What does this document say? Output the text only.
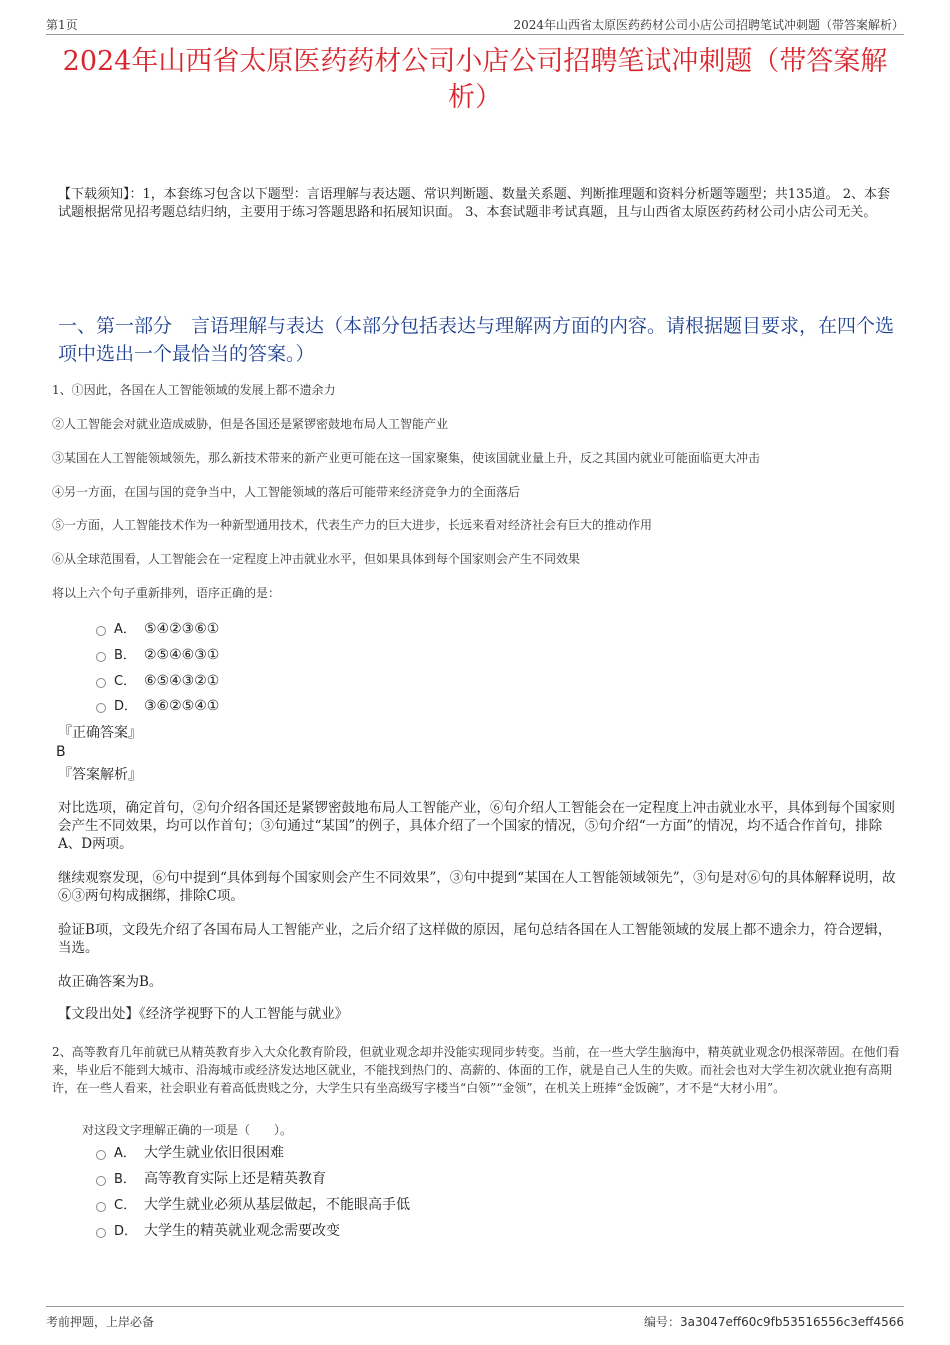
第1页	2024年山西省太原医药药材公司小店公司招聘笔试冲刺题（带答案解析）
2024年山西省太原医药药材公司小店公司招聘笔试冲刺题（带答案解析）

【下载须知】：1，本套练习包含以下题型：言语理解与表达题、常识判断题、数量关系题、判断推理题和资料分析题等题型；共135道。 2、本套试题根据常见招考题总结归纳，主要用于练习答题思路和拓展知识面。 3、本套试题非考试真题，且与山西省太原医药药材公司小店公司无关。

一、第一部分　言语理解与表达（本部分包括表达与理解两方面的内容。请根据题目要求，在四个选项中选出一个最恰当的答案。）

1、①因此，各国在人工智能领域的发展上都不遗余力

②人工智能会对就业造成威胁，但是各国还是紧锣密鼓地布局人工智能产业

③某国在人工智能领域领先，那么新技术带来的新产业更可能在这一国家聚集，使该国就业量上升，反之其国内就业可能面临更大冲击

④另一方面，在国与国的竞争当中，人工智能领域的落后可能带来经济竞争力的全面落后

⑤一方面，人工智能技术作为一种新型通用技术，代表生产力的巨大进步，长远来看对经济社会有巨大的推动作用

⑥从全球范围看，人工智能会在一定程度上冲击就业水平，但如果具体到每个国家则会产生不同效果

将以上六个句子重新排列，语序正确的是：

A． ⑤④②③⑥①
B． ②⑤④⑥③①
C． ⑥⑤④③②①
D． ③⑥②⑤④①
『正确答案』
B
『答案解析』

对比选项，确定首句，②句介绍各国还是紧锣密鼓地布局人工智能产业，⑥句介绍人工智能会在一定程度上冲击就业水平，具体到每个国家则会产生不同效果，均可以作首句；③句通过“某国”的例子，具体介绍了一个国家的情况，⑤句介绍“一方面”的情况，均不适合作首句，排除A、D两项。

继续观察发现，⑥句中提到“具体到每个国家则会产生不同效果”，③句中提到“某国在人工智能领域领先”，③句是对⑥句的具体解释说明，故⑥③两句构成捆绑，排除C项。

验证B项，文段先介绍了各国布局人工智能产业，之后介绍了这样做的原因，尾句总结各国在人工智能领域的发展上都不遗余力，符合逻辑，当选。

故正确答案为B。

【文段出处】《经济学视野下的人工智能与就业》

2、高等教育几年前就已从精英教育步入大众化教育阶段，但就业观念却并没能实现同步转变。当前，在一些大学生脑海中，精英就业观念仍根深蒂固。在他们看来，毕业后不能到大城市、沿海城市或经济发达地区就业，不能找到热门的、高薪的、体面的工作，就是自己人生的失败。而社会也对大学生初次就业抱有高期许，在一些人看来，社会职业有着高低贵贱之分，大学生只有坐高级写字楼当“白领”“金领”，在机关上班捧“金饭碗”，才不是“大材小用”。

对这段文字理解正确的一项是（　　）。

A． 大学生就业依旧很困难
B． 高等教育实际上还是精英教育
C． 大学生就业必须从基层做起，不能眼高手低
D． 大学生的精英就业观念需要改变
考前押题，上岸必备	编号：3a3047eff60c9fb53516556c3eff4566
